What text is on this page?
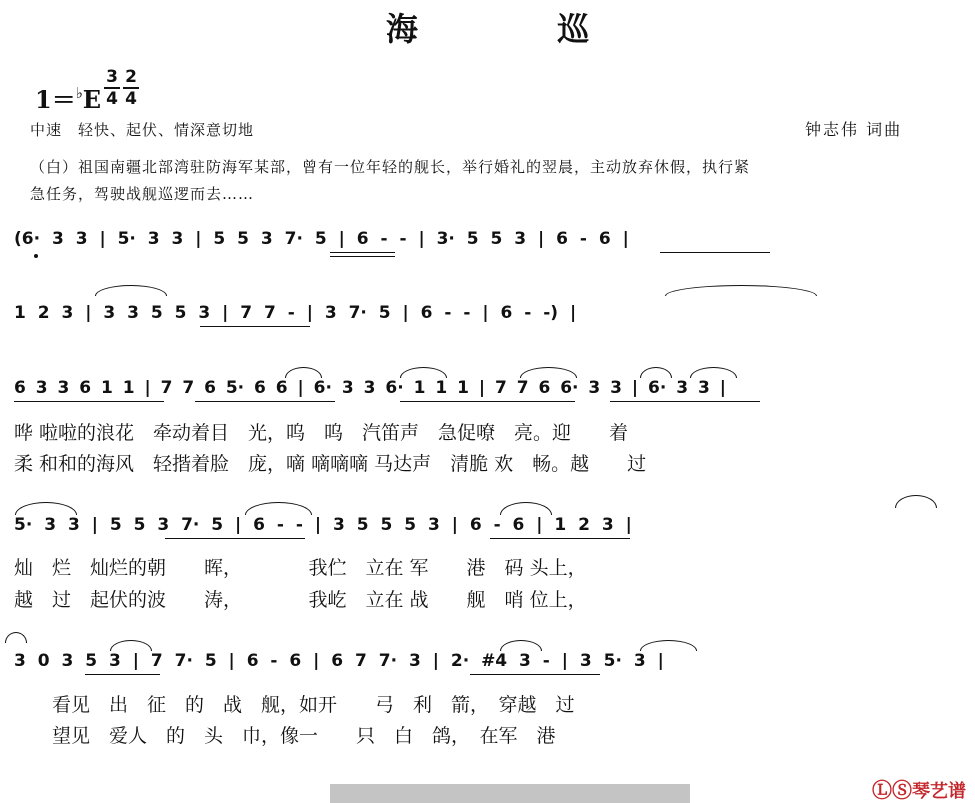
海 巡
1＝♭E
3
4
2
4
中速　轻快、起伏、情深意切地	钟志伟 词曲
（白）祖国南疆北部湾驻防海军某部，曾有一位年轻的舰长，举行婚礼的翌晨，主动放弃休假，执行紧
急任务，驾驶战舰巡逻而去……
(6· 3 3 | 5· 3 3 | 5 5 3 7· 5 | 6 - - | 3· 5 5 3 | 6 - 6 |
1 2 3 | 3 3 5 5 3 | 7 7 - | 3 7· 5 | 6 - - | 6 - -) |
6 3 3 6 1 1 | 7 7 6 5· 6 6 | 6· 3 3 6· 1 1 1 | 7 7 6 6· 3 3 | 6· 3 3 |
哗 啦啦的浪花　牵动着目　光，呜　呜　汽笛声　急促嘹　亮。迎　　着
柔 和和的海风　轻揩着脸　庞，嘀 嘀嘀嘀 马达声　清脆 欢　畅。越　　过
5· 3 3 | 5 5 3 7· 5 | 6 - - | 3 5 5 5 3 | 6 - 6 | 1 2 3 |
灿　烂　灿烂的朝　　晖，　　　　我伫　立在 军　　港　码 头上，
越　过　起伏的波　　涛，　　　　我屹　立在 战　　舰　哨 位上，
3 0 3 5 3 | 7 7· 5 | 6 - 6 | 6 7 7· 3 | 2· #4 3 - | 3 5· 3 |
　　看见　出　征　的　战　舰，如开　　弓　利　箭，　穿越　过
　　望见　爱人　的　头　巾，像一　　只　白　鸽，　在军　港
ⓁⓈ琴艺谱
